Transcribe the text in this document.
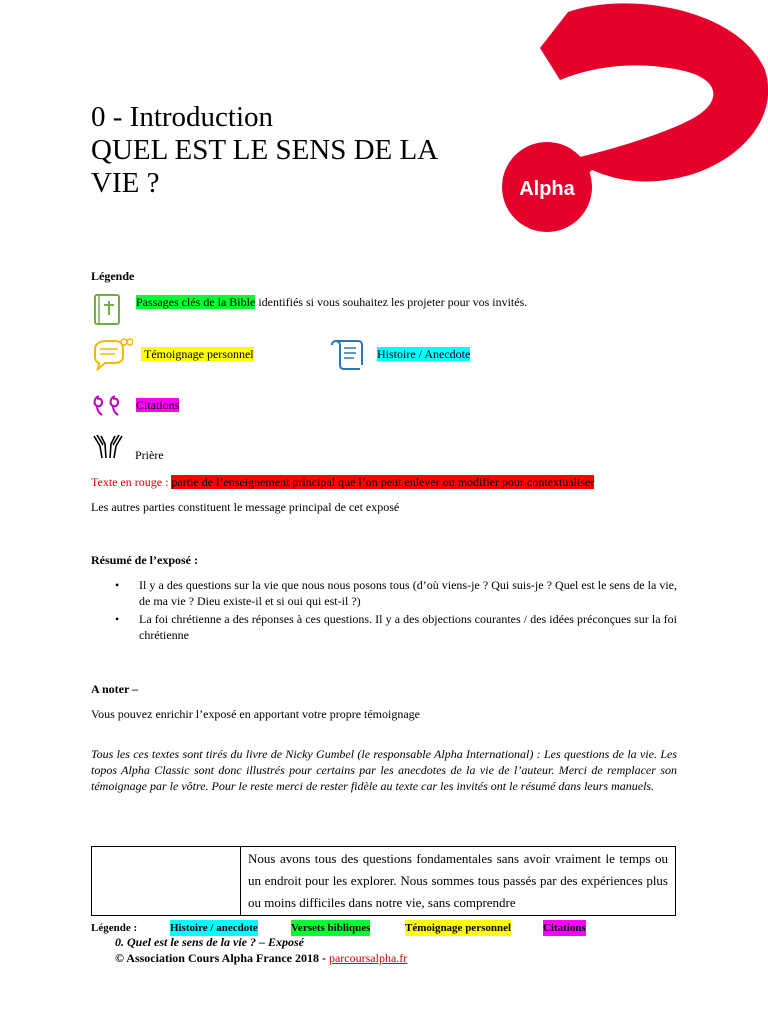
0 - Introduction
QUEL EST LE SENS DE LA
VIE ?	Alpha
Légende
Passages clés de la Bible identifiés si vous souhaitez les projeter pour vos invités.
Témoignage personnel	Histoire / Anecdote
Citations
Prière
Texte en rouge : partie de l’enseignement principal que l’on peut enlever ou modifier pour contextualiser
Les autres parties constituent le message principal de cet exposé
Résumé de l’exposé :
• Il y a des questions sur la vie que nous nous posons tous (d’où viens-je ? Qui suis-je ? Quel est le sens de la vie, de ma vie ? Dieu existe-il et si oui qui est-il ?)
• La foi chrétienne a des réponses à ces questions. Il y a des objections courantes / des idées préconçues sur la foi chrétienne
A noter –
Vous pouvez enrichir l’exposé en apportant votre propre témoignage
Tous les ces textes sont tirés du livre de Nicky Gumbel (le responsable Alpha International) : Les questions de la vie. Les topos Alpha Classic sont donc illustrés pour certains par les anecdotes de la vie de l’auteur. Merci de remplacer son témoignage par le vôtre. Pour le reste merci de rester fidèle au texte car les invités ont le résumé dans leurs manuels.

Nous avons tous des questions fondamentales sans avoir vraiment le temps ou un endroit pour les explorer. Nous sommes tous passés par des expériences plus ou moins difficiles dans notre vie, sans comprendre
Légende :	Histoire / anecdote	Versets bibliques	Témoignage personnel	Citations
0. Quel est le sens de la vie ? – Exposé
© Association Cours Alpha France 2018 - parcoursalpha.fr
